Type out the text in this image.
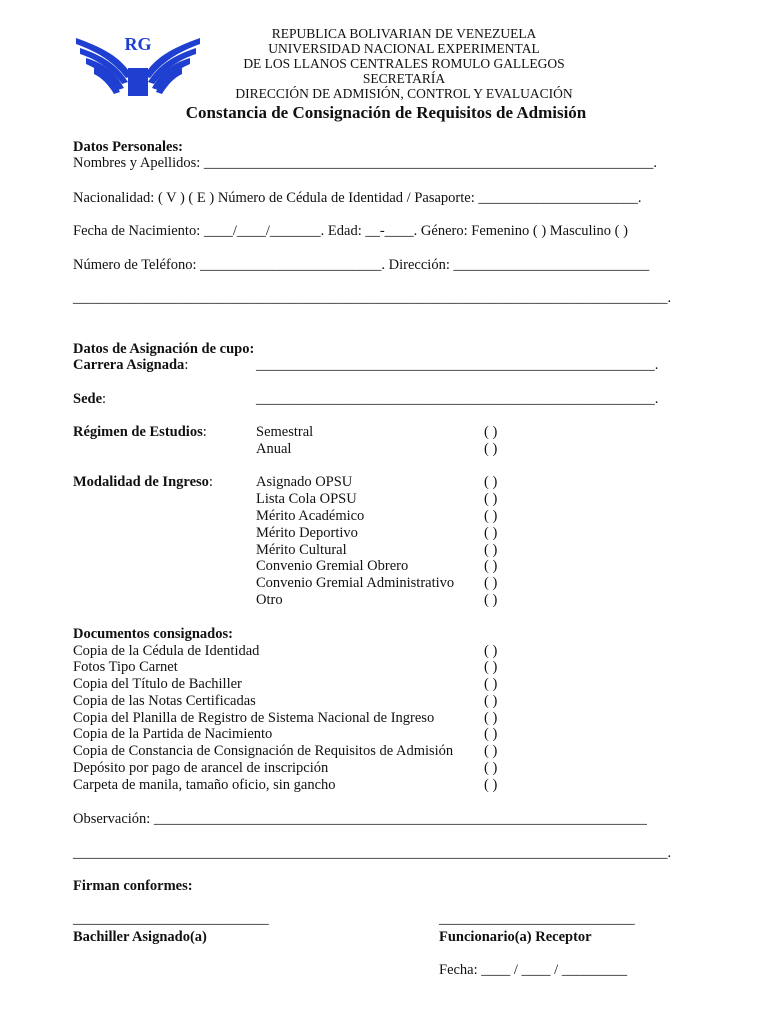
RG
REPUBLICA BOLIVARIAN DE VENEZUELA
UNIVERSIDAD NACIONAL EXPERIMENTAL
DE LOS LLANOS CENTRALES ROMULO GALLEGOS
SECRETARÍA
DIRECCIÓN DE ADMISIÓN, CONTROL Y EVALUACIÓN
Constancia de Consignación de Requisitos de Admisión
Datos Personales:
Nombres y Apellidos: ______________________________________________________________.
Nacionalidad: ( V ) ( E ) Número de Cédula de Identidad / Pasaporte: ______________________.
Fecha de Nacimiento: ____/____/_______. Edad: __-____. Género: Femenino ( ) Masculino ( )
Número de Teléfono: _________________________. Dirección: ___________________________
__________________________________________________________________________________.
Datos de Asignación de cupo:
Carrera Asignada:	_______________________________________________________.
Sede:	_______________________________________________________.
Régimen de Estudios:	Semestral	( )
Anual	( )
Modalidad de Ingreso:	Asignado OPSU	( )
Lista Cola OPSU	( )
Mérito Académico	( )
Mérito Deportivo	( )
Mérito Cultural	( )
Convenio Gremial Obrero	( )
Convenio Gremial Administrativo ( )
Otro	( )
Documentos consignados:
Copia de la Cédula de Identidad	( )
Fotos Tipo Carnet	( )
Copia del Título de Bachiller	( )
Copia de las Notas Certificadas	( )
Copia del Planilla de Registro de Sistema Nacional de Ingreso	( )
Copia de la Partida de Nacimiento	( )
Copia de Constancia de Consignación de Requisitos de Admisión ( )
Depósito por pago de arancel de inscripción	( )
Carpeta de manila, tamaño oficio, sin gancho	( )
Observación: ____________________________________________________________________
__________________________________________________________________________________.
Firman conformes:
___________________________
Bachiller Asignado(a)
___________________________
Funcionario(a) Receptor
Fecha: ____ / ____ / _________
